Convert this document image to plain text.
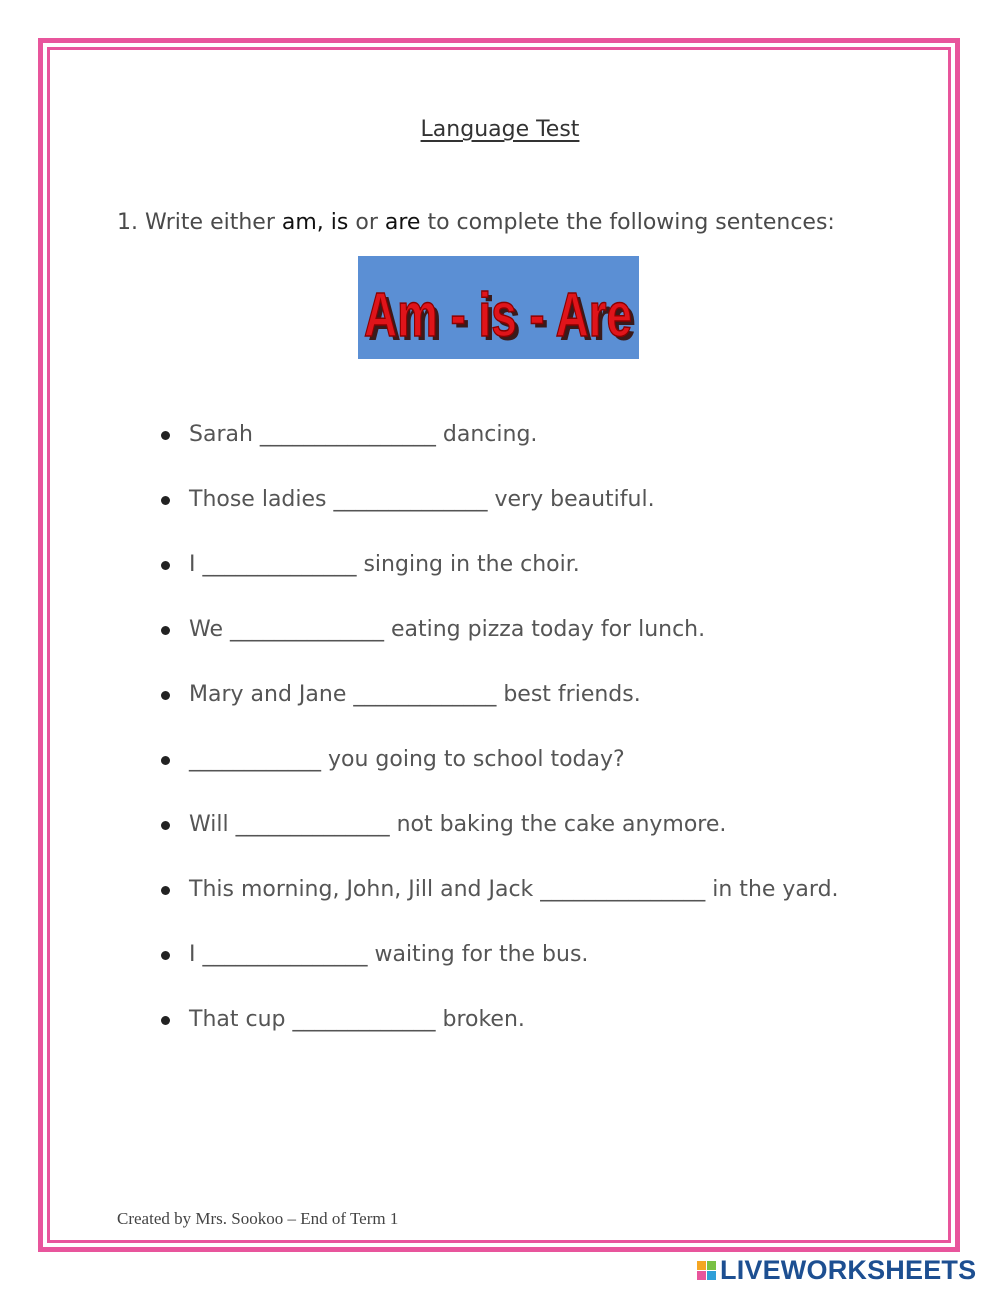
Language Test
1. Write either am, is or are to complete the following sentences:
Am - is - Are
Am - is - Are
Sarah ________________ dancing.
Those ladies ______________ very beautiful.
I ______________ singing in the choir.
We ______________ eating pizza today for lunch.
Mary and Jane _____________ best friends.
____________ you going to school today?
Will ______________ not baking the cake anymore.
This morning, John, Jill and Jack _______________ in the yard.
I _______________ waiting for the bus.
That cup _____________ broken.
Created by Mrs. Sookoo – End of Term 1
LIVEWORKSHEETS
